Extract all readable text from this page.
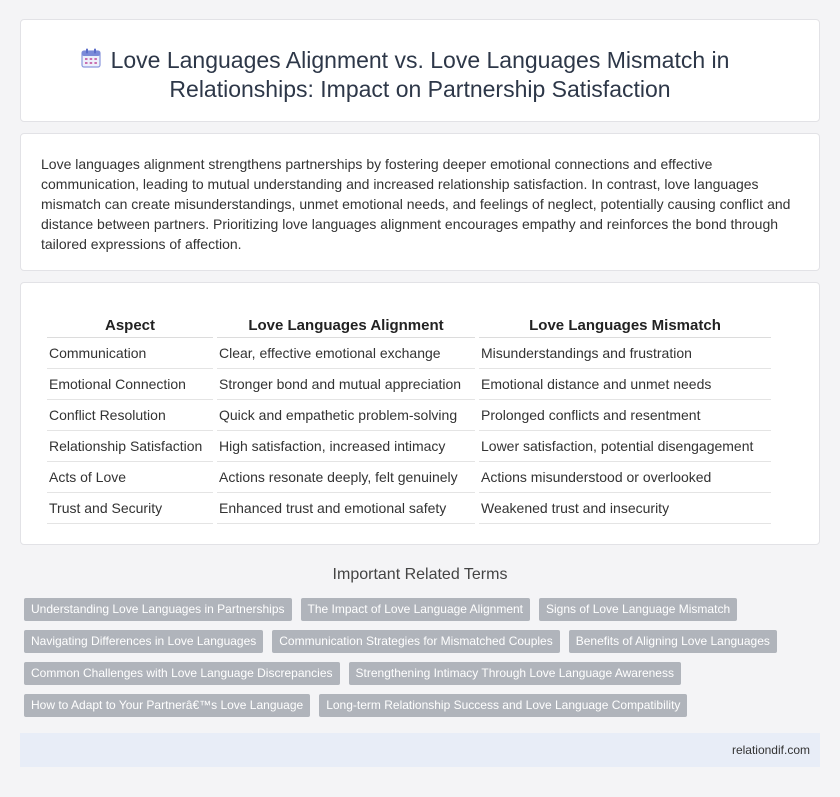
Love Languages Alignment vs. Love Languages Mismatch in
Relationships: Impact on Partnership Satisfaction

Love languages alignment strengthens partnerships by fostering deeper emotional connections and effective communication, leading to mutual understanding and increased relationship satisfaction. In contrast, love languages mismatch can create misunderstandings, unmet emotional needs, and feelings of neglect, potentially causing conflict and distance between partners. Prioritizing love languages alignment encourages empathy and reinforces the bond through tailored expressions of affection.

Aspect	Love Languages Alignment	Love Languages Mismatch
Communication	Clear, effective emotional exchange	Misunderstandings and frustration
Emotional Connection	Stronger bond and mutual appreciation	Emotional distance and unmet needs
Conflict Resolution	Quick and empathetic problem-solving	Prolonged conflicts and resentment
Relationship Satisfaction	High satisfaction, increased intimacy	Lower satisfaction, potential disengagement
Acts of Love	Actions resonate deeply, felt genuinely	Actions misunderstood or overlooked
Trust and Security	Enhanced trust and emotional safety	Weakened trust and insecurity
Important Related Terms
Understanding Love Languages in Partnerships	The Impact of Love Language Alignment	Signs of Love Language Mismatch
Navigating Differences in Love Languages	Communication Strategies for Mismatched Couples	Benefits of Aligning Love Languages
Common Challenges with Love Language Discrepancies	Strengthening Intimacy Through Love Language Awareness
How to Adapt to Your Partnerâ€™s Love Language	Long-term Relationship Success and Love Language Compatibility
relationdif.com
